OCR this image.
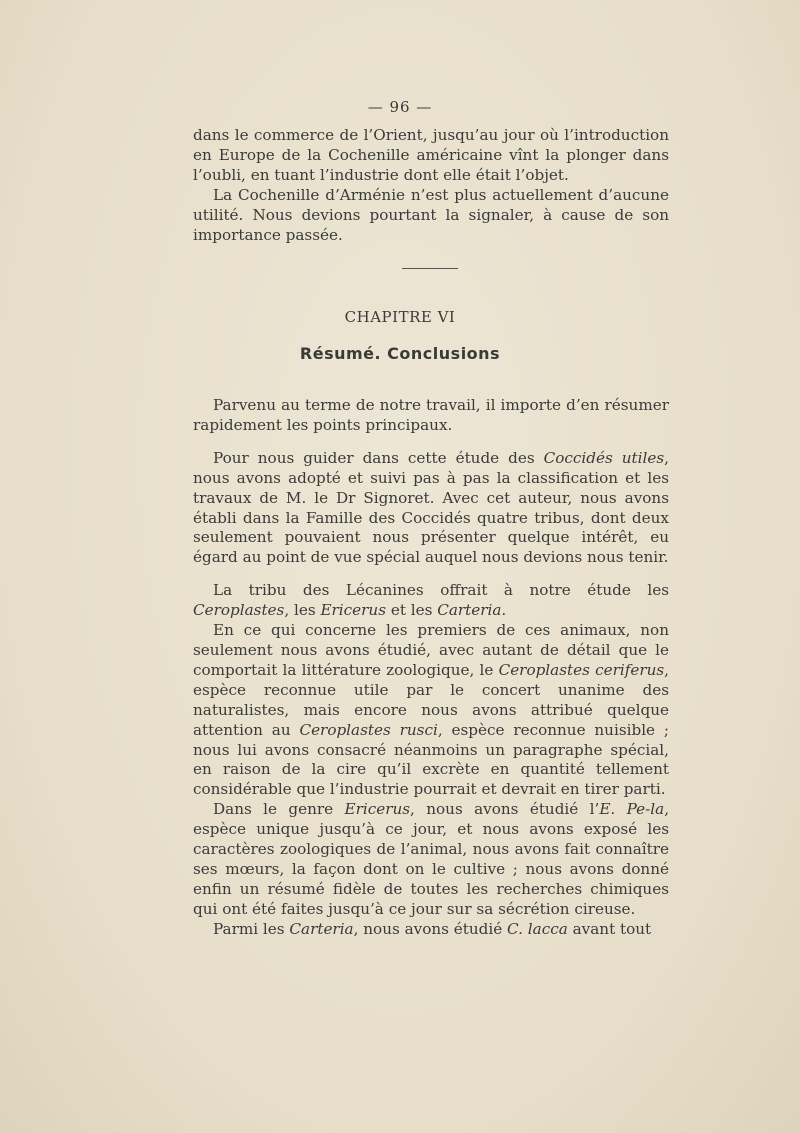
— 96 —

dans le commerce de l’Orient, jusqu’au jour où l’introduction en Europe de la Cochenille américaine vînt la plonger dans l’oubli, en tuant l’industrie dont elle était l’objet.

La Cochenille d’Arménie n’est plus actuellement d’aucune utilité. Nous devions pourtant la signaler, à cause de son importance passée.

CHAPITRE VI
Résumé. Conclusions

Parvenu au terme de notre travail, il importe d’en résumer rapidement les points principaux.

Pour nous guider dans cette étude des Coccidés utiles, nous avons adopté et suivi pas à pas la classification et les travaux de M. le Dr Signoret. Avec cet auteur, nous avons établi dans la Famille des Coccidés quatre tribus, dont deux seulement pouvaient nous présenter quelque intérêt, eu égard au point de vue spécial auquel nous devions nous tenir.

La tribu des Lécanines offrait à notre étude les Ceroplastes, les Ericerus et les Carteria.

En ce qui concerne les premiers de ces animaux, non seulement nous avons étudié, avec autant de détail que le comportait la littérature zoologique, le Ceroplastes ceriferus, espèce reconnue utile par le concert unanime des naturalistes, mais encore nous avons attribué quelque attention au Ceroplastes rusci, espèce reconnue nuisible ; nous lui avons consacré néanmoins un paragraphe spécial, en raison de la cire qu’il excrète en quantité tellement considérable que l’industrie pourrait et devrait en tirer parti.

Dans le genre Ericerus, nous avons étudié l’E. Pe-la, espèce unique jusqu’à ce jour, et nous avons exposé les caractères zoologiques de l’animal, nous avons fait connaître ses mœurs, la façon dont on le cultive ; nous avons donné enfin un résumé fidèle de toutes les recherches chimiques qui ont été faites jusqu’à ce jour sur sa sécrétion cireuse.

Parmi les Carteria, nous avons étudié C. lacca avant tout
